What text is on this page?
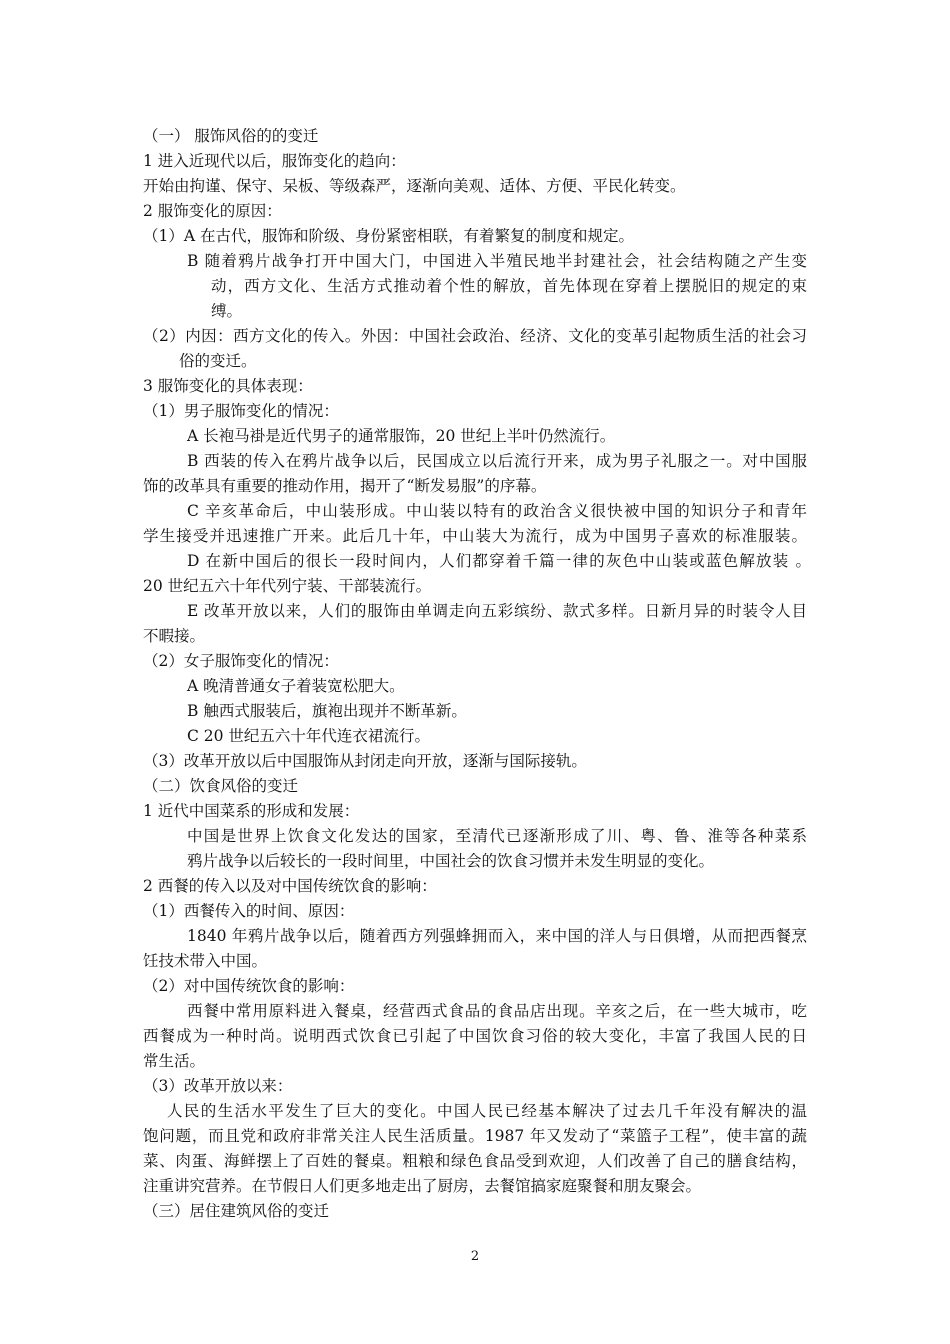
（一） 服饰风俗的的变迁
1 进入近现代以后，服饰变化的趋向：
开始由拘谨、保守、呆板、等级森严，逐渐向美观、适体、方便、平民化转变。
2 服饰变化的原因：
（1）A 在古代，服饰和阶级、身份紧密相联，有着繁复的制度和规定。
B 随着鸦片战争打开中国大门，中国进入半殖民地半封建社会，社会结构随之产生变
动，西方文化、生活方式推动着个性的解放，首先体现在穿着上摆脱旧的规定的束
缚。
（2）内因：西方文化的传入。外因：中国社会政治、经济、文化的变革引起物质生活的社会习
俗的变迁。
3 服饰变化的具体表现：
（1）男子服饰变化的情况：
A 长袍马褂是近代男子的通常服饰，20 世纪上半叶仍然流行。
B 西装的传入在鸦片战争以后，民国成立以后流行开来，成为男子礼服之一。对中国服
饰的改革具有重要的推动作用，揭开了“断发易服”的序幕。
C 辛亥革命后，中山装形成。中山装以特有的政治含义很快被中国的知识分子和青年
学生接受并迅速推广开来。此后几十年，中山装大为流行，成为中国男子喜欢的标准服装。
D 在新中国后的很长一段时间内，人们都穿着千篇一律的灰色中山装或蓝色解放装 。
20 世纪五六十年代列宁装、干部装流行。
E 改革开放以来，人们的服饰由单调走向五彩缤纷、款式多样。日新月异的时装令人目
不暇接。
（2）女子服饰变化的情况：
A 晚清普通女子着装宽松肥大。
B 触西式服装后，旗袍出现并不断革新。
C 20 世纪五六十年代连衣裙流行。
（3）改革开放以后中国服饰从封闭走向开放，逐渐与国际接轨。
（二）饮食风俗的变迁
1 近代中国菜系的形成和发展：
中国是世界上饮食文化发达的国家，至清代已逐渐形成了川、粤、鲁、淮等各种菜系
鸦片战争以后较长的一段时间里，中国社会的饮食习惯并未发生明显的变化。
2 西餐的传入以及对中国传统饮食的影响：
（1）西餐传入的时间、原因：
1840 年鸦片战争以后，随着西方列强蜂拥而入，来中国的洋人与日俱增，从而把西餐烹
饪技术带入中国。
（2）对中国传统饮食的影响：
西餐中常用原料进入餐桌，经营西式食品的食品店出现。辛亥之后，在一些大城市，吃
西餐成为一种时尚。说明西式饮食已引起了中国饮食习俗的较大变化，丰富了我国人民的日
常生活。
（3）改革开放以来：
人民的生活水平发生了巨大的变化。中国人民已经基本解决了过去几千年没有解决的温
饱问题，而且党和政府非常关注人民生活质量。1987 年又发动了“菜篮子工程”，使丰富的蔬
菜、肉蛋、海鲜摆上了百姓的餐桌。粗粮和绿色食品受到欢迎，人们改善了自己的膳食结构，
注重讲究营养。在节假日人们更多地走出了厨房，去餐馆搞家庭聚餐和朋友聚会。
（三）居住建筑风俗的变迁
2
